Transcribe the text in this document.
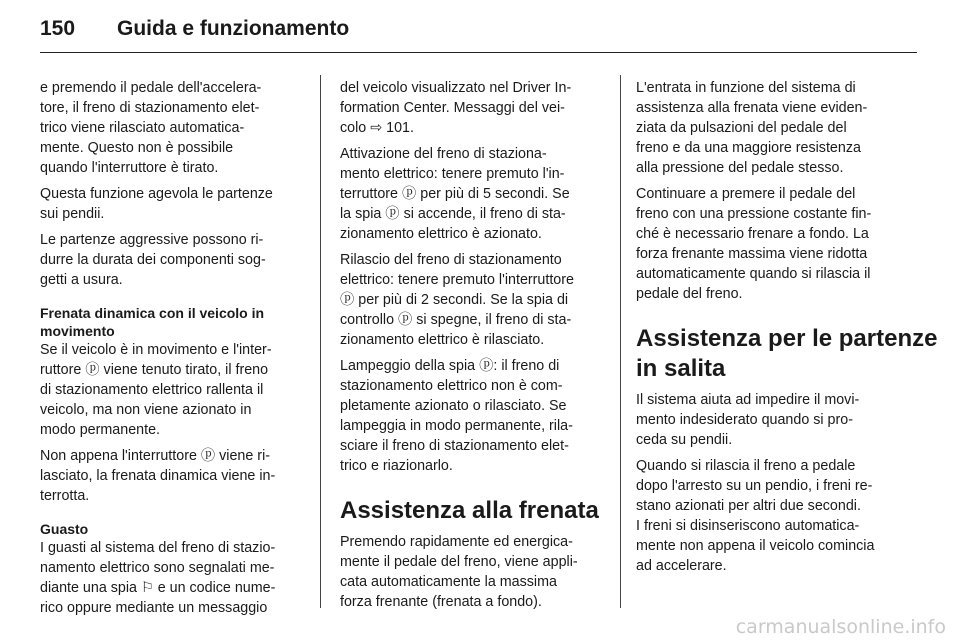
150 Guida e funzionamento

e premendo il pedale dell'accelera-
tore, il freno di stazionamento elet-
trico viene rilasciato automatica-
mente. Questo non è possibile
quando l'interruttore è tirato.

Questa funzione agevola le partenze
sui pendii.

Le partenze aggressive possono ri-
durre la durata dei componenti sog-
getti a usura.

Frenata dinamica con il veicolo in
movimento

Se il veicolo è in movimento e l'inter-
ruttore ⓟ viene tenuto tirato, il freno
di stazionamento elettrico rallenta il
veicolo, ma non viene azionato in
modo permanente.

Non appena l'interruttore ⓟ viene ri-
lasciato, la frenata dinamica viene in-
terrotta.

Guasto

I guasti al sistema del freno di stazio-
namento elettrico sono segnalati me-
diante una spia ⚐ e un codice nume-
rico oppure mediante un messaggio

del veicolo visualizzato nel Driver In-
formation Center. Messaggi del vei-
colo ⇨ 101.

Attivazione del freno di staziona-
mento elettrico: tenere premuto l'in-
terruttore ⓟ per più di 5 secondi. Se
la spia ⓟ si accende, il freno di sta-
zionamento elettrico è azionato.

Rilascio del freno di stazionamento
elettrico: tenere premuto l'interruttore
ⓟ per più di 2 secondi. Se la spia di
controllo ⓟ si spegne, il freno di sta-
zionamento elettrico è rilasciato.

Lampeggio della spia ⓟ: il freno di
stazionamento elettrico non è com-
pletamente azionato o rilasciato. Se
lampeggia in modo permanente, rila-
sciare il freno di stazionamento elet-
trico e riazionarlo.

Assistenza alla frenata

Premendo rapidamente ed energica-
mente il pedale del freno, viene appli-
cata automaticamente la massima
forza frenante (frenata a fondo).

L'entrata in funzione del sistema di
assistenza alla frenata viene eviden-
ziata da pulsazioni del pedale del
freno e da una maggiore resistenza
alla pressione del pedale stesso.

Continuare a premere il pedale del
freno con una pressione costante fin-
ché è necessario frenare a fondo. La
forza frenante massima viene ridotta
automaticamente quando si rilascia il
pedale del freno.

Assistenza per le partenze
in salita

Il sistema aiuta ad impedire il movi-
mento indesiderato quando si pro-
ceda su pendii.

Quando si rilascia il freno a pedale
dopo l'arresto su un pendio, i freni re-
stano azionati per altri due secondi.
I freni si disinseriscono automatica-
mente non appena il veicolo comincia
ad accelerare.

carmanualsonline.info
